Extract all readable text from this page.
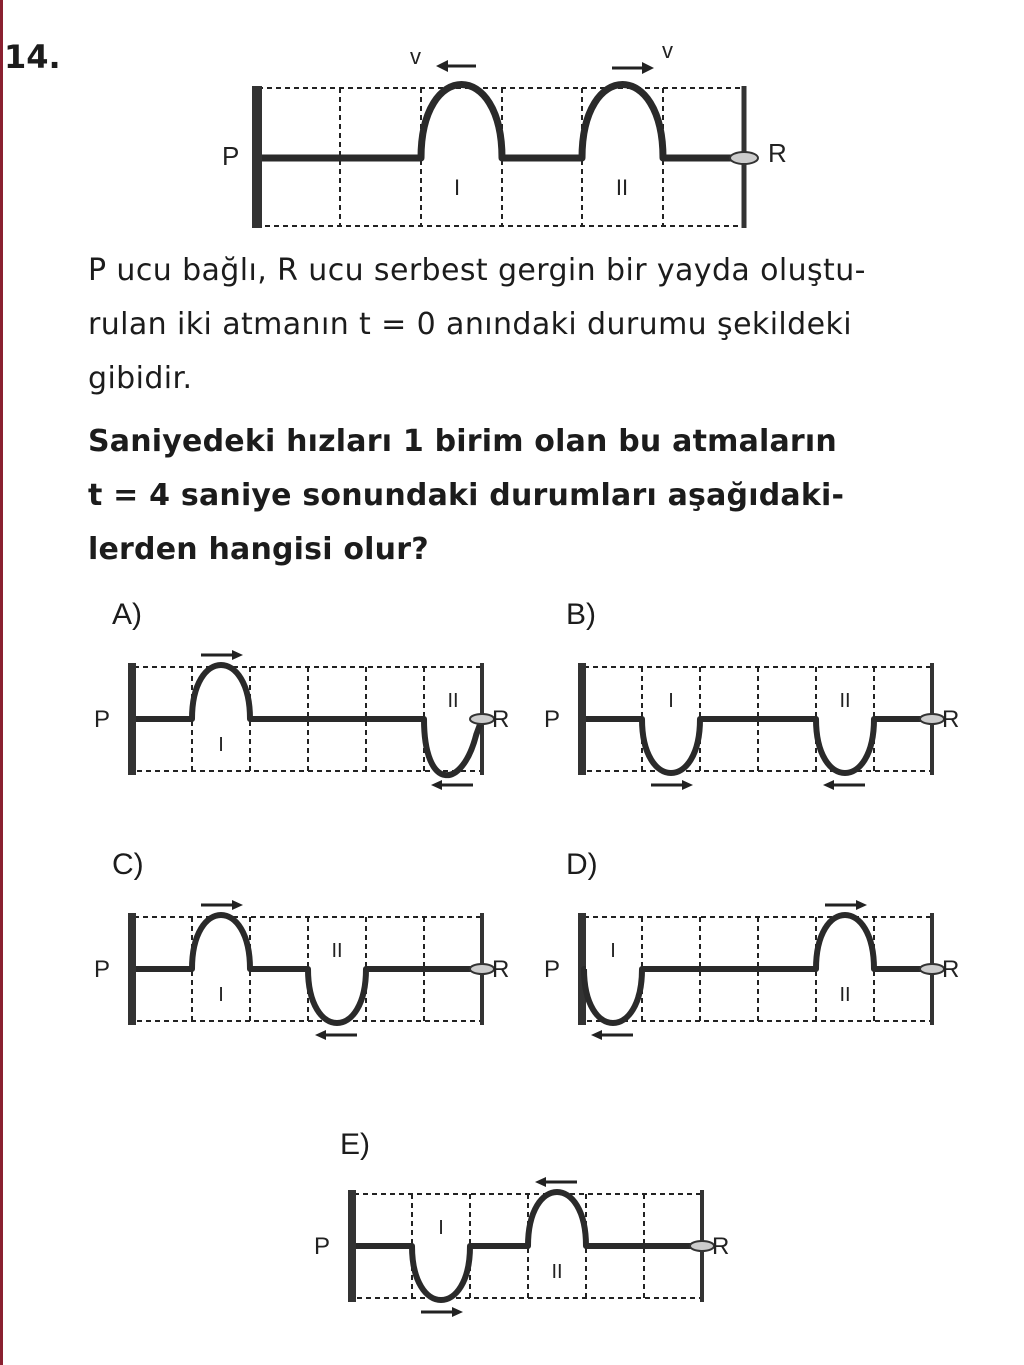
14.
P	R
I	II
v	v
P ucu bağlı, R ucu serbest gergin bir yayda oluştu-
rulan iki atmanın t = 0 anındaki durumu şekildeki
gibidir.
Saniyedeki hızları 1 birim olan bu atmaların
t = 4 saniye sonundaki durumları aşağıdaki-
lerden hangisi olur?
A)	B)
C)	D)
E)
P	R
I
II
P	R
I	II
P	R
I
II
P	R
I
II
P	R
I
II
